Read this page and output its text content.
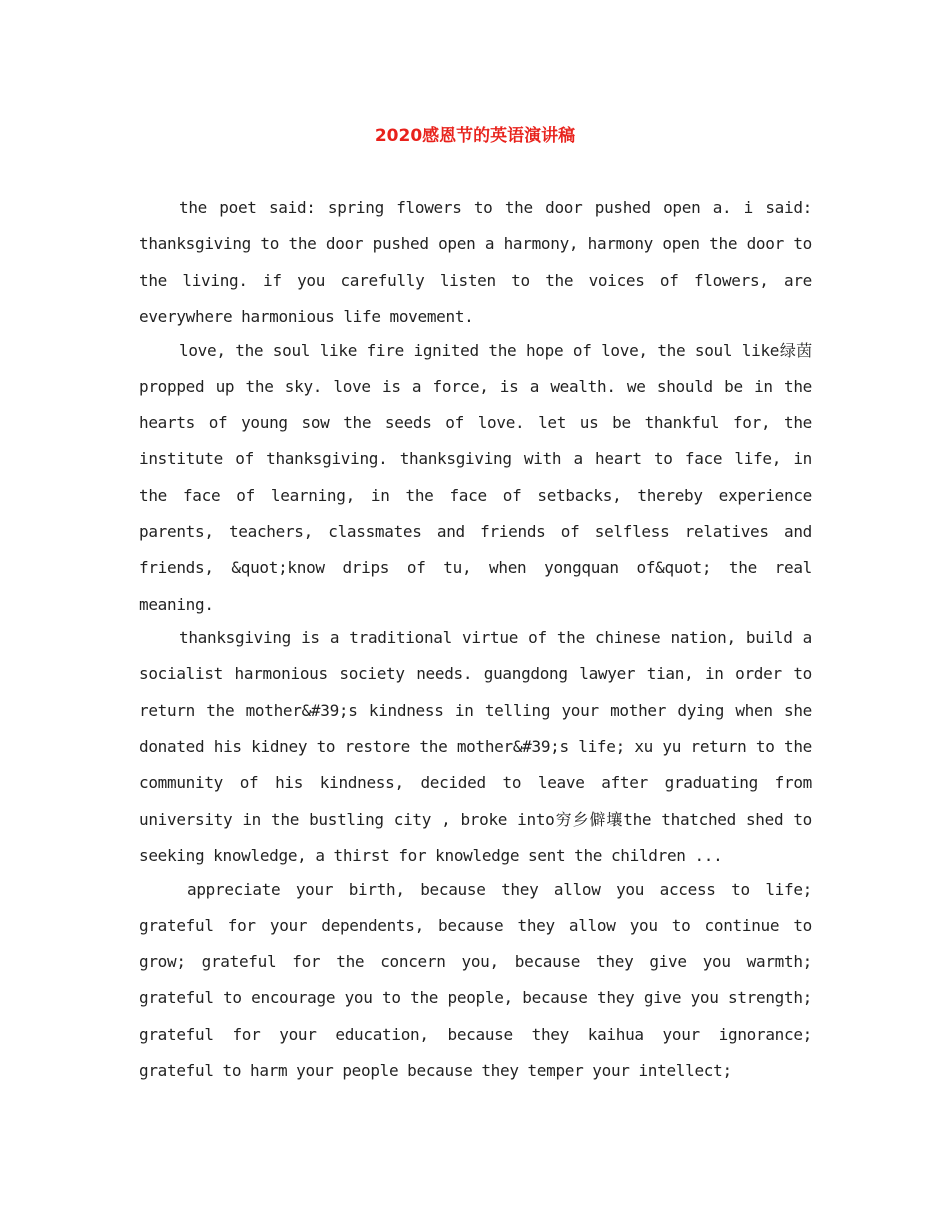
2020感恩节的英语演讲稿

the poet said: spring flowers to the door pushed open a. i said: thanksgiving to the door pushed open a harmony, harmony open the door to the living. if you carefully listen to the voices of flowers, are everywhere harmonious life movement.

love, the soul like fire ignited the hope of love, the soul like绿茵propped up the sky. love is a force, is a wealth. we should be in the hearts of young sow the seeds of love. let us be thankful for, the institute of thanksgiving. thanksgiving with a heart to face life, in the face of learning, in the face of setbacks, thereby experience parents, teachers, classmates and friends of selfless relatives and friends, &quot;know drips of tu, when yongquan of&quot; the real meaning.

thanksgiving is a traditional virtue of the chinese nation, build a socialist harmonious society needs. guangdong lawyer tian, in order to return the mother&#39;s kindness in telling your mother dying when she donated his kidney to restore the mother&#39;s life; xu yu return to the community of his kindness, decided to leave after graduating from university in the bustling city , broke into穷乡僻壤the thatched shed to seeking knowledge, a thirst for knowledge sent the children ...

appreciate your birth, because they allow you access to life; grateful for your dependents, because they allow you to continue to grow; grateful for the concern you, because they give you warmth; grateful to encourage you to the people, because they give you strength; grateful for your education, because they kaihua your ignorance; grateful to harm your people because they temper your intellect;
